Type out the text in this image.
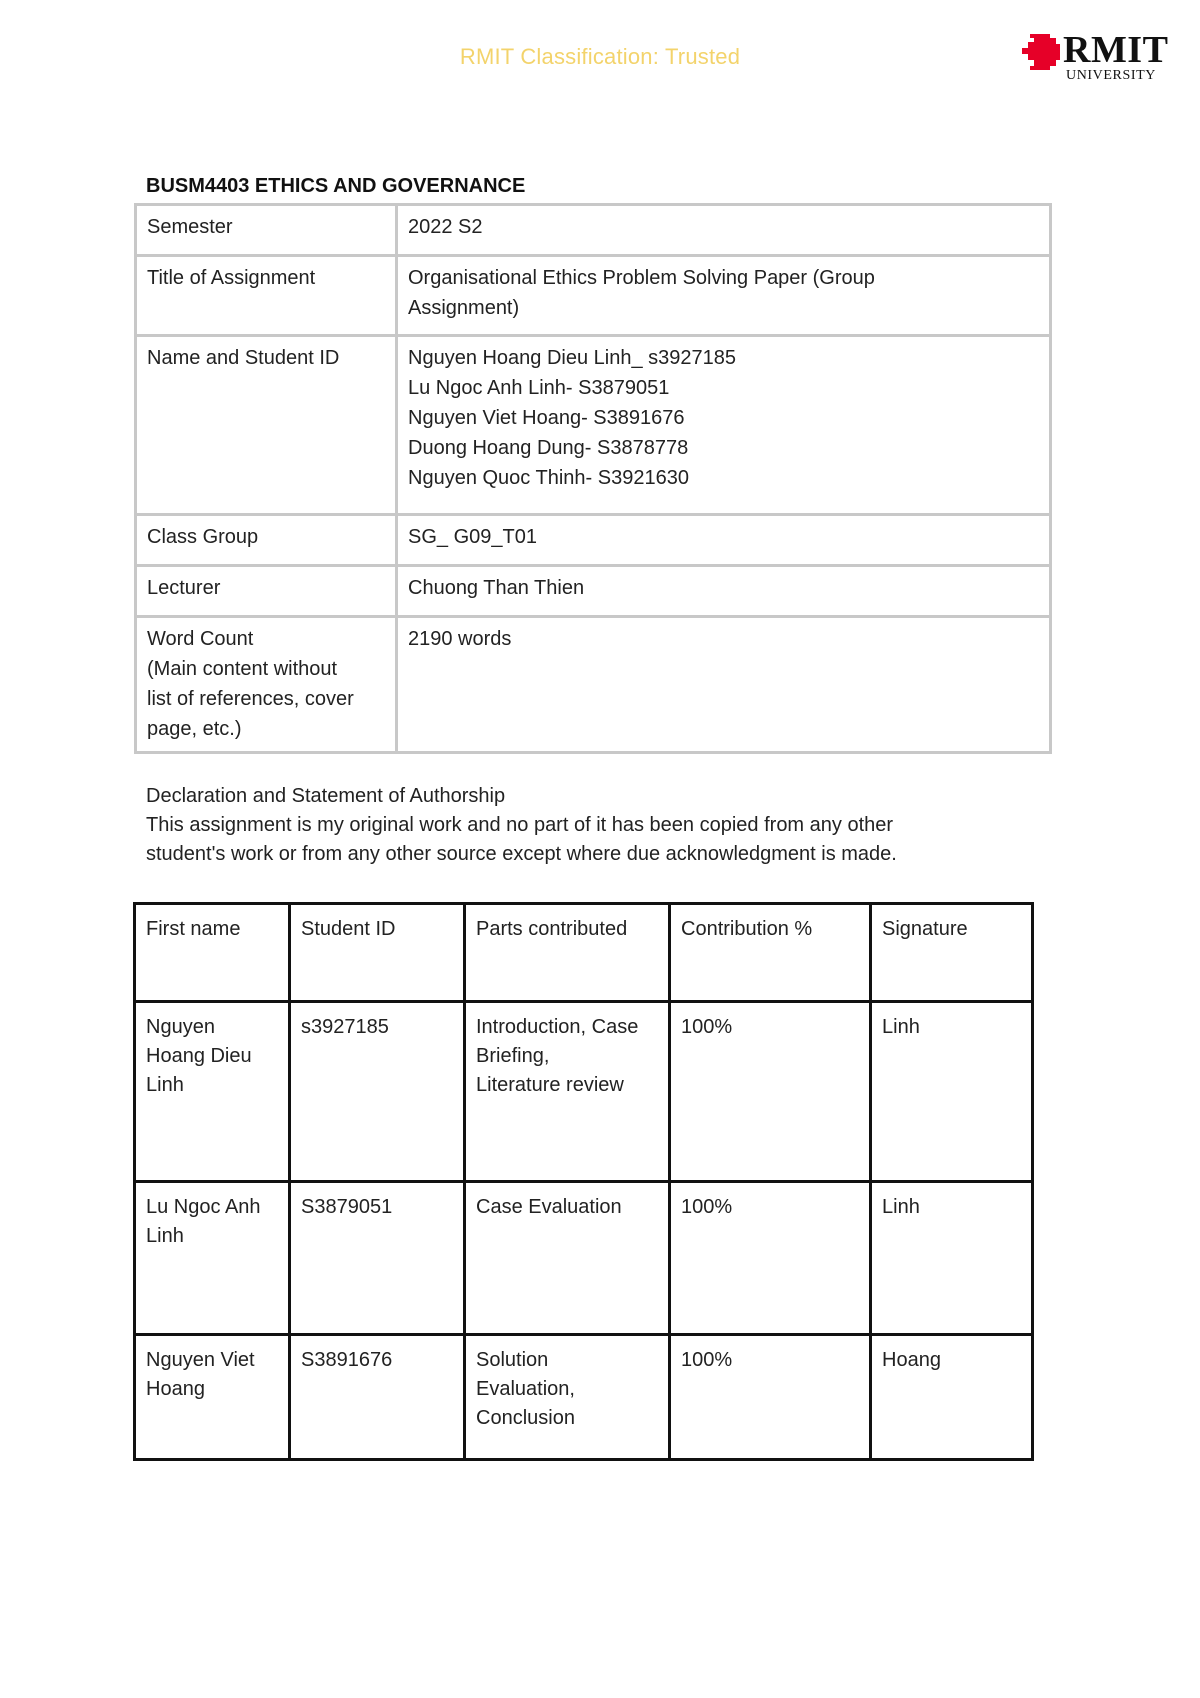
RMIT Classification: Trusted	RMIT
UNIVERSITY
BUSM4403 ETHICS AND GOVERNANCE
Semester	2022 S2
Title of Assignment	Organisational Ethics Problem Solving Paper (Group
Assignment)

Name and Student ID	Nguyen Hoang Dieu Linh_ s3927185
Lu Ngoc Anh Linh- S3879051
Nguyen Viet Hoang- S3891676
Duong Hoang Dung- S3878778
Nguyen Quoc Thinh- S3921630

Class Group	SG_ G09_T01
Lecturer	Chuong Than Thien

Word Count
(Main content without
list of references, cover
page, etc.)	2190 words
Declaration and Statement of Authorship
This assignment is my original work and no part of it has been copied from any other
student's work or from any other source except where due acknowledgment is made.
First name	Student ID	Parts contributed	Contribution %	Signature

Nguyen
Hoang Dieu
Linh	s3927185	Introduction, Case
Briefing,
Literature review	100%	Linh

Lu Ngoc Anh
Linh	S3879051	Case Evaluation	100%	Linh

Nguyen Viet
Hoang	S3891676	Solution
Evaluation,
Conclusion	100%	Hoang
